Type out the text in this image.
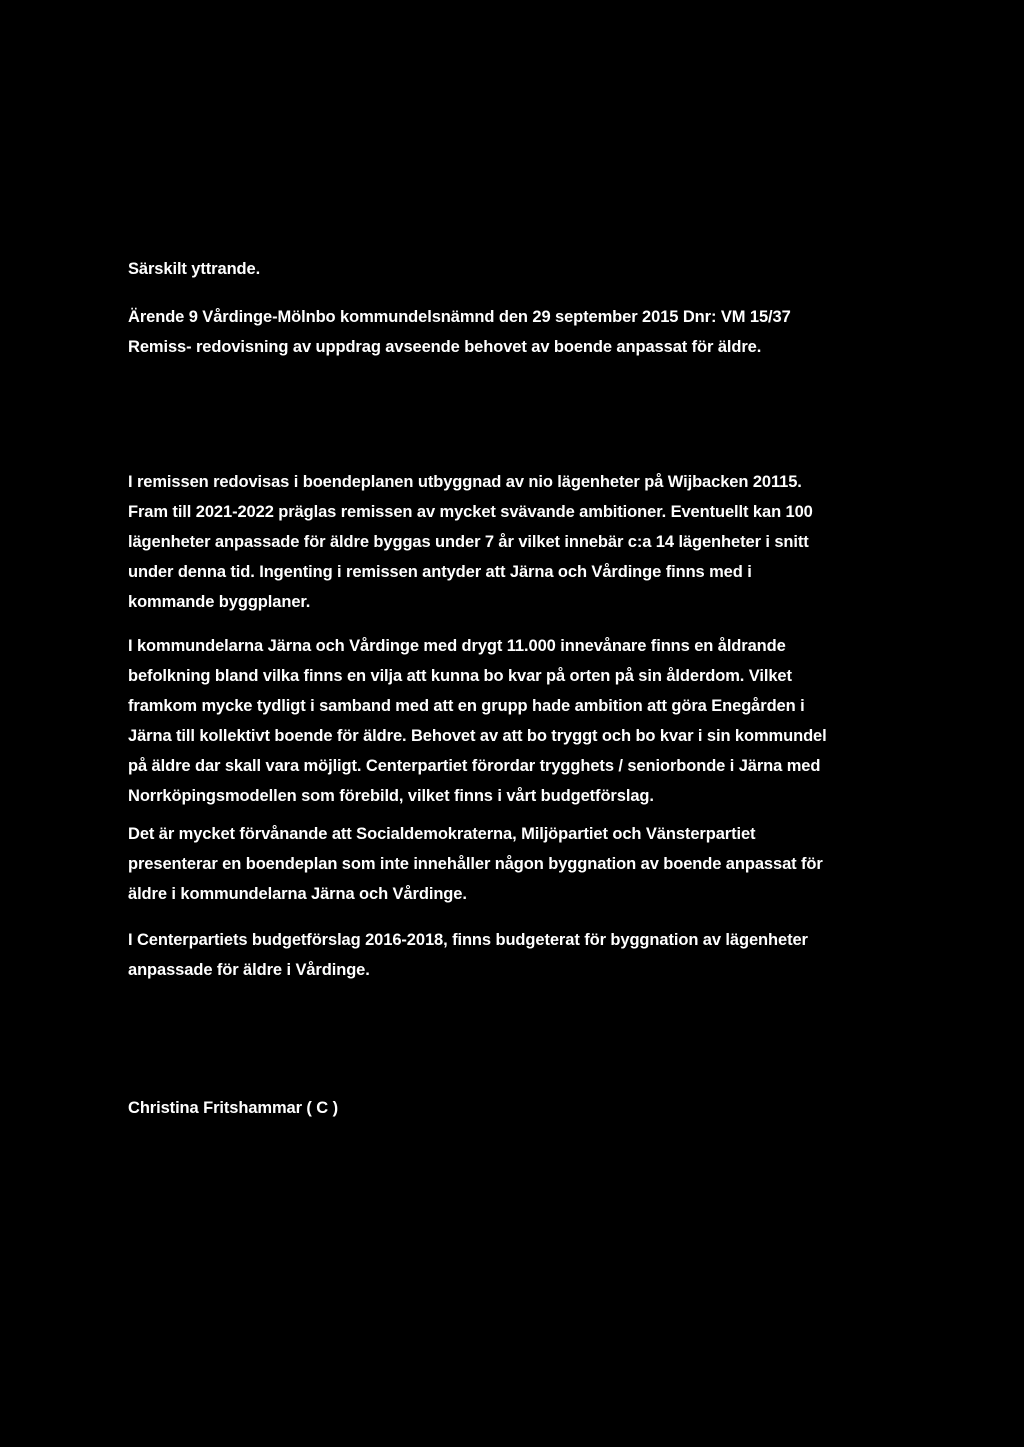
Särskilt yttrande.

Ärende 9 Vårdinge-Mölnbo kommundelsnämnd den 29 september 2015 Dnr: VM 15/37
Remiss- redovisning av uppdrag avseende behovet av boende anpassat för äldre.

I remissen redovisas i boendeplanen utbyggnad av nio lägenheter på Wijbacken 20115.
Fram till 2021-2022 präglas remissen av mycket svävande ambitioner. Eventuellt kan 100
lägenheter anpassade för äldre byggas under 7 år vilket innebär c:a 14 lägenheter i snitt
under denna tid. Ingenting i remissen antyder att Järna och Vårdinge finns med i
kommande byggplaner.

I kommundelarna Järna och Vårdinge med drygt 11.000 innevånare finns en åldrande
befolkning bland vilka finns en vilja att kunna bo kvar på orten på sin ålderdom. Vilket
framkom mycke tydligt i samband med att en grupp hade ambition att göra Enegården i
Järna till kollektivt boende för äldre. Behovet av att bo tryggt och bo kvar i sin kommundel
på äldre dar skall vara möjligt. Centerpartiet förordar trygghets / seniorbonde i Järna med
Norrköpingsmodellen som förebild, vilket finns i vårt budgetförslag.

Det är mycket förvånande att Socialdemokraterna, Miljöpartiet och Vänsterpartiet
presenterar en boendeplan som inte innehåller någon byggnation av boende anpassat för
äldre i kommundelarna Järna och Vårdinge.

I Centerpartiets budgetförslag 2016-2018, finns budgeterat för byggnation av lägenheter
anpassade för äldre i Vårdinge.

Christina Fritshammar ( C )
